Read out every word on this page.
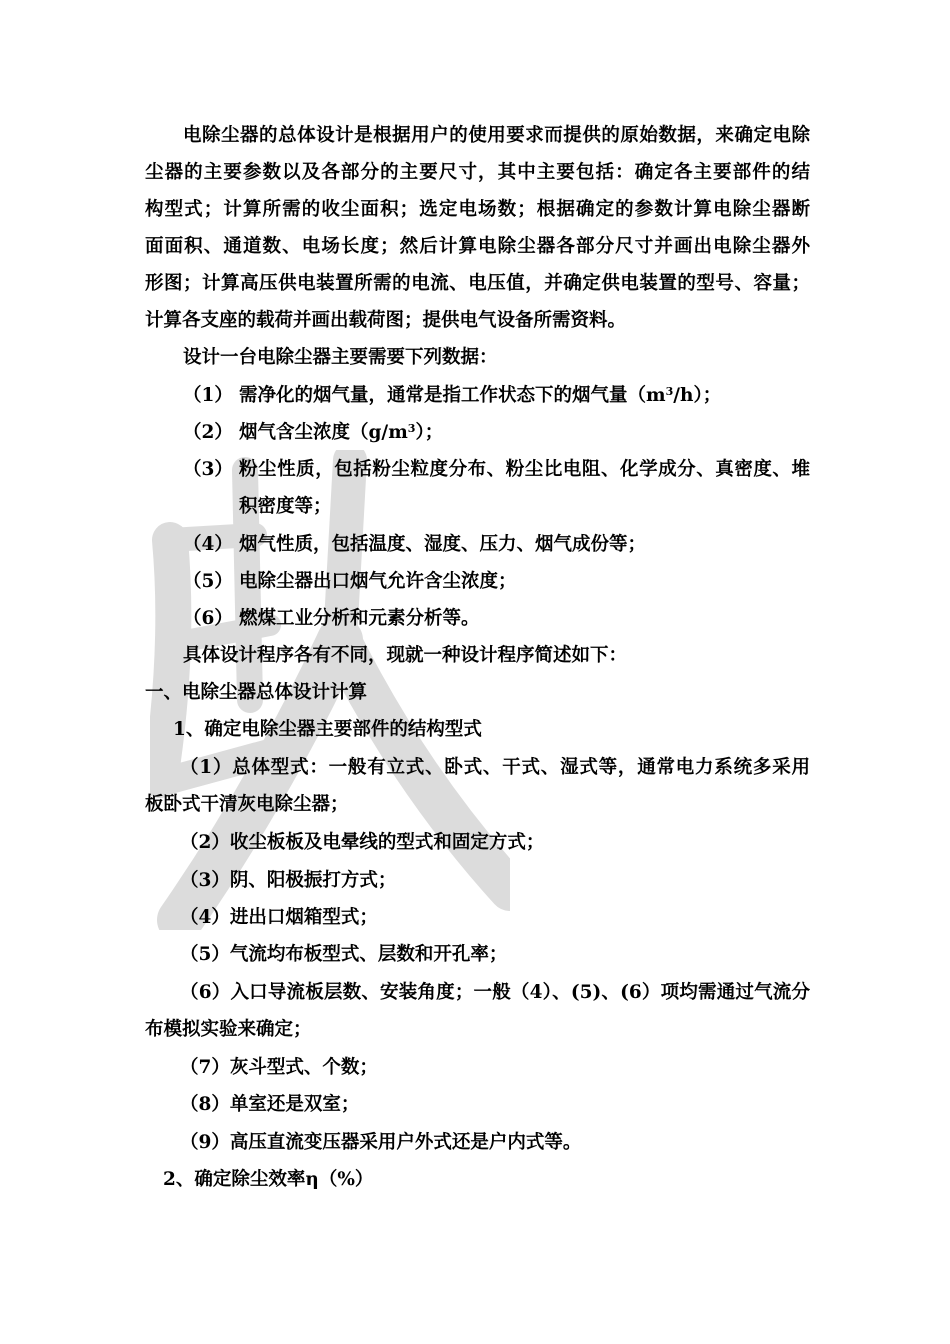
电除尘器的总体设计是根据用户的使用要求而提供的原始数据，来确定电除
尘器的主要参数以及各部分的主要尺寸，其中主要包括：确定各主要部件的结
构型式；计算所需的收尘面积；选定电场数；根据确定的参数计算电除尘器断
面面积、通道数、电场长度；然后计算电除尘器各部分尺寸并画出电除尘器外
形图；计算高压供电装置所需的电流、电压值，并确定供电装置的型号、容量；
计算各支座的载荷并画出载荷图；提供电气设备所需资料。
设计一台电除尘器主要需要下列数据：
（1） 需净化的烟气量，通常是指工作状态下的烟气量$(m^3/h)$；
（2） 烟气含尘浓度$(g/m^3)$；
（3） 粉尘性质，包括粉尘粒度分布、粉尘比电阻、化学成分、真密度、堆
积密度等；
（4） 烟气性质，包括温度、湿度、压力、烟气成份等；
（5） 电除尘器出口烟气允许含尘浓度；
（6） 燃煤工业分析和元素分析等。
具体设计程序各有不同，现就一种设计程序简述如下：
一、电除尘器总体设计计算
1、确定电除尘器主要部件的结构型式
（1）总体型式：一般有立式、卧式、干式、湿式等，通常电力系统多采用
板卧式干清灰电除尘器；
（2）收尘板板及电晕线的型式和固定方式；
（3）阴、阳极振打方式；
（4）进出口烟箱型式；
（5）气流均布板型式、层数和开孔率；
（6）入口导流板层数、安装角度；一般（4）、(5)、(6）项均需通过气流分
布模拟实验来确定；
（7）灰斗型式、个数；
（8）单室还是双室；
（9）高压直流变压器采用户外式还是户内式等。
2、确定除尘效率η（%）
